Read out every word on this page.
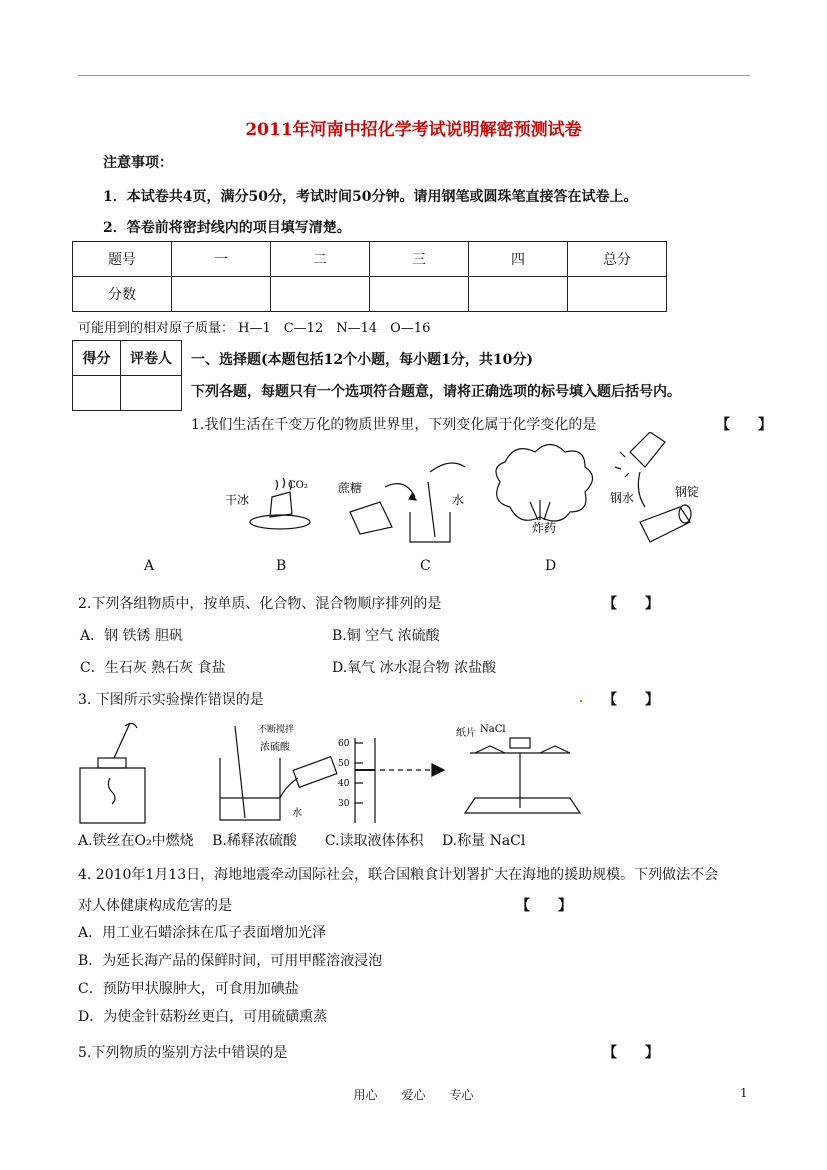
2011年河南中招化学考试说明解密预测试卷
注意事项：
1．本试卷共4页，满分50分，考试时间50分钟。请用钢笔或圆珠笔直接答在试卷上。
2．答卷前将密封线内的项目填写清楚。
题号	一	二	三	四	总分
分数					
可能用到的相对原子质量： H—1　C—12　N—14　O—16
得分	评卷人
	一、选择题(本题包括12个小题，每小题1分，共10分)
下列各题，每题只有一个选项符合题意，请将正确选项的标号填入题后括号内。
1.我们生活在千变万化的物质世界里，下列变化属于化学变化的是	【　　】
干冰
CO₂	蔗糖
水
炸药
钢水	钢锭
A	B	C	D
2.下列各组物质中，按单质、化合物、混合物顺序排列的是	【　　】
A．钢 铁锈 胆矾	B.铜 空气 浓硫酸
C．生石灰 熟石灰 食盐	D.氧气 冰水混合物 浓盐酸
3. 下图所示实验操作错误的是	【　　】
不断搅拌
浓硫酸
水
60
50
40
30
纸片 NaCl
A.铁丝在O₂中燃烧　 B.稀释浓硫酸　　C.读取液体体积　 D.称量 NaCl
4. 2010年1月13日，海地地震牵动国际社会，联合国粮食计划署扩大在海地的援助规模。下列做法不会
对人体健康构成危害的是	【　　】
A．用工业石蜡涂抹在瓜子表面增加光泽
B．为延长海产品的保鲜时间，可用甲醛溶液浸泡
C．预防甲状腺肿大，可食用加碘盐
D．为使金针菇粉丝更白，可用硫磺熏蒸
5.下列物质的鉴别方法中错误的是	【　　】
用心　　爱心　　专心	1
